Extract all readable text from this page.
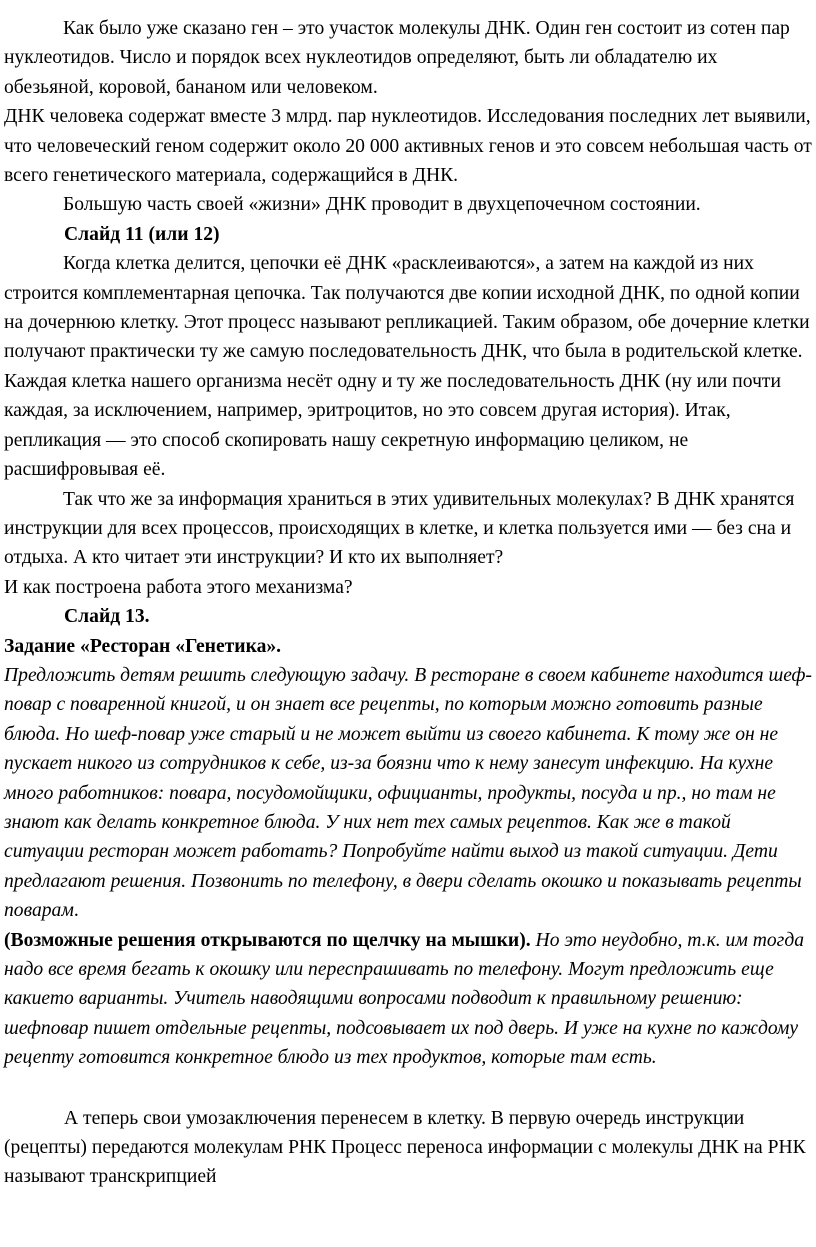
Как было уже сказано ген – это участок молекулы ДНК. Один ген состоит из сотен пар нуклеотидов. Число и порядок всех нуклеотидов определяют, быть ли обладателю их обезьяной, коровой, бананом или человеком.

ДНК человека содержат вместе 3 млрд. пар нуклеотидов. Исследования последних лет выявили, что человеческий геном содержит около 20 000 активных генов и это совсем небольшая часть от всего генетического материала, содержащийся в ДНК.

Большую часть своей «жизни» ДНК проводит в двухцепочечном состоянии.

Слайд 11 (или 12)

Когда клетка делится, цепочки её ДНК «расклеиваются», а затем на каждой из них строится комплементарная цепочка. Так получаются две копии исходной ДНК, по одной копии на дочернюю клетку. Этот процесс называют репликацией. Таким образом, обе дочерние клетки получают практически ту же самую последовательность ДНК, что была в родительской клетке.

Каждая клетка нашего организма несёт одну и ту же последовательность ДНК (ну или почти каждая, за исключением, например, эритроцитов, но это совсем другая история). Итак, репликация — это способ скопировать нашу секретную информацию целиком, не расшифровывая её.

Так что же за информация храниться в этих удивительных молекулах? В ДНК хранятся инструкции для всех процессов, происходящих в клетке, и клетка пользуется ими — без сна и отдыха. А кто читает эти инструкции? И кто их выполняет?

И как построена работа этого механизма?

Слайд 13.

Задание «Ресторан «Генетика».

Предложить детям решить следующую задачу. В ресторане в своем кабинете находится шеф-повар с поваренной книгой, и он знает все рецепты, по которым можно готовить разные блюда. Но шеф-повар уже старый и не может выйти из своего кабинета. К тому же он не пускает никого из сотрудников к себе, из-за боязни что к нему занесут инфекцию. На кухне много работников: повара, посудомойщики, официанты, продукты, посуда и пр., но там не знают как делать конкретное блюда. У них нет тех самых рецептов. Как же в такой ситуации ресторан может работать? Попробуйте найти выход из такой ситуации. Дети предлагают решения. Позвонить по телефону, в двери сделать окошко и показывать рецепты поварам.
(Возможные решения открываются по щелчку на мышки). Но это неудобно, т.к. им тогда надо все время бегать к окошку или переспрашивать по телефону. Могут предложить еще какието варианты. Учитель наводящими вопросами подводит к правильному решению: шефповар пишет отдельные рецепты, подсовывает их под дверь. И уже на кухне по каждому рецепту готовится конкретное блюдо из тех продуктов, которые там есть.

А теперь свои умозаключения перенесем в клетку. В первую очередь инструкции

(рецепты) передаются молекулам РНК Процесс переноса информации с молекулы ДНК на РНК называют транскрипцией
